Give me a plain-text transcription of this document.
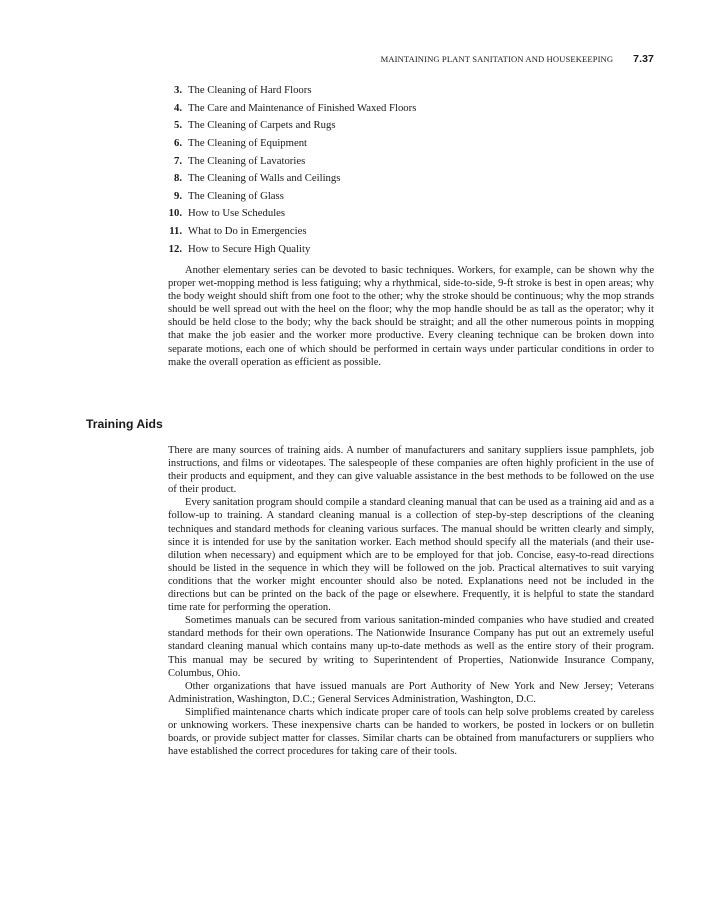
MAINTAINING PLANT SANITATION AND HOUSEKEEPING 7.37
3. The Cleaning of Hard Floors
4. The Care and Maintenance of Finished Waxed Floors
5. The Cleaning of Carpets and Rugs
6. The Cleaning of Equipment
7. The Cleaning of Lavatories
8. The Cleaning of Walls and Ceilings
9. The Cleaning of Glass
10. How to Use Schedules
11. What to Do in Emergencies
12. How to Secure High Quality

Another elementary series can be devoted to basic techniques. Workers, for example, can be shown why the proper wet-mopping method is less fatiguing; why a rhythmical, side-to-side, 9-ft stroke is best in open areas; why the body weight should shift from one foot to the other; why the stroke should be continuous; why the mop strands should be well spread out with the heel on the floor; why the mop handle should be as tall as the operator; why it should be held close to the body; why the back should be straight; and all the other numerous points in mopping that make the job easier and the worker more productive. Every cleaning technique can be broken down into separate motions, each one of which should be performed in certain ways under particular conditions in order to make the overall operation as efficient as possible.

Training Aids

There are many sources of training aids. A number of manufacturers and sanitary suppliers issue pamphlets, job instructions, and films or videotapes. The salespeople of these companies are often highly proficient in the use of their products and equipment, and they can give valuable assistance in the best methods to be followed on the use of their product.

Every sanitation program should compile a standard cleaning manual that can be used as a training aid and as a follow-up to training. A standard cleaning manual is a collection of step-by-step descriptions of the cleaning techniques and standard methods for cleaning various surfaces. The manual should be written clearly and simply, since it is intended for use by the sanitation worker. Each method should specify all the materials (and their use-dilution when necessary) and equipment which are to be employed for that job. Concise, easy-to-read directions should be listed in the sequence in which they will be followed on the job. Practical alternatives to suit varying conditions that the worker might encounter should also be noted. Explanations need not be included in the directions but can be printed on the back of the page or elsewhere. Frequently, it is helpful to state the standard time rate for performing the operation.

Sometimes manuals can be secured from various sanitation-minded companies who have studied and created standard methods for their own operations. The Nationwide Insurance Company has put out an extremely useful standard cleaning manual which contains many up-to-date methods as well as the entire story of their program. This manual may be secured by writing to Superintendent of Properties, Nationwide Insurance Company, Columbus, Ohio.

Other organizations that have issued manuals are Port Authority of New York and New Jersey; Veterans Administration, Washington, D.C.; General Services Administration, Washington, D.C.

Simplified maintenance charts which indicate proper care of tools can help solve problems created by careless or unknowing workers. These inexpensive charts can be handed to workers, be posted in lockers or on bulletin boards, or provide subject matter for classes. Similar charts can be obtained from manufacturers or suppliers who have established the correct procedures for taking care of their tools.
